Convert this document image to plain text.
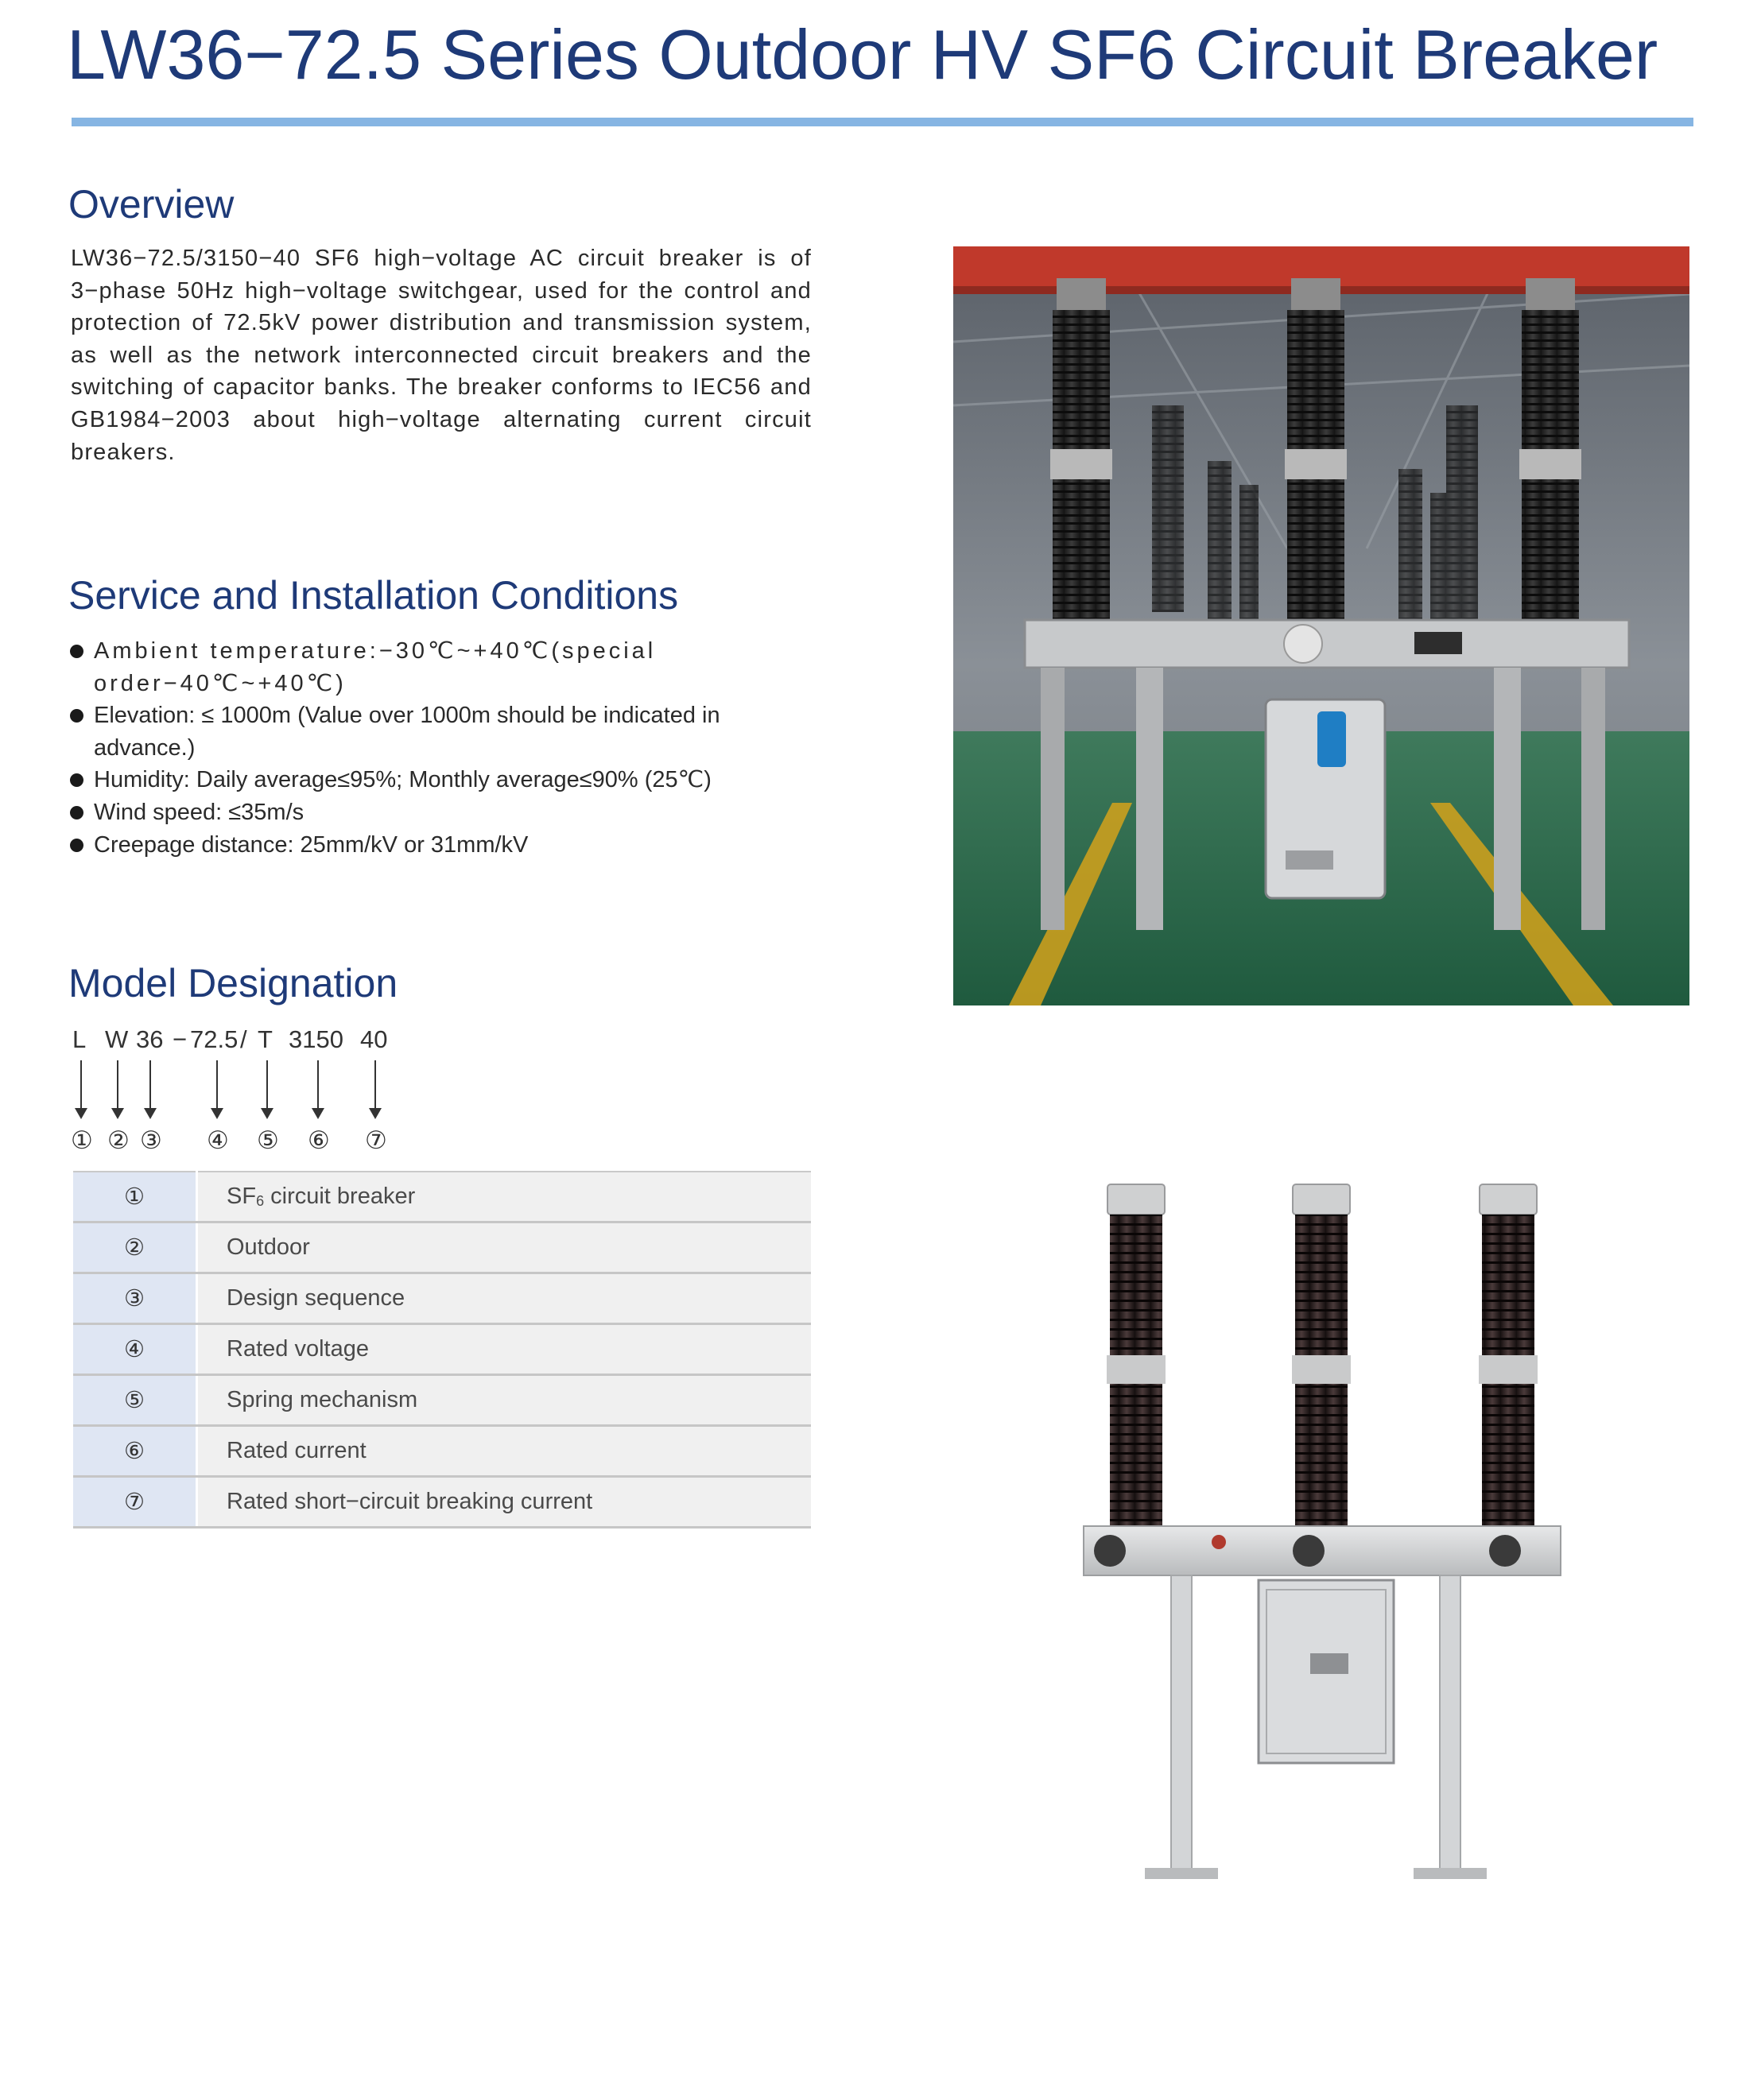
LW36−72.5 Series Outdoor HV SF6 Circuit Breaker
Overview
LW36−72.5/3150−40 SF6 high−voltage AC circuit breaker is of 3−phase 50Hz high−voltage switchgear, used for the control and protection of 72.5kV power distribution and transmission system, as well as the network interconnected circuit breakers and the switching of capacitor banks. The breaker conforms to IEC56 and GB1984−2003 about high−voltage alternating current circuit breakers.
Service and Installation Conditions
Ambient temperature:−30℃~+40℃(special order−40℃~+40℃)
Elevation: ≤ 1000m (Value over 1000m should be indicated in advance.)
Humidity: Daily average≤95%; Monthly average≤90% (25℃)
Wind speed: ≤35m/s
Creepage distance: 25mm/kV or 31mm/kV
Model Designation
L W 36 − 72.5 / T 3150 40
① ② ③ ④ ⑤ ⑥ ⑦
①	$SF_6$ circuit breaker
②	Outdoor
③	Design sequence
④	Rated voltage
⑤	Spring mechanism
⑥	Rated current
⑦	Rated short−circuit breaking current
